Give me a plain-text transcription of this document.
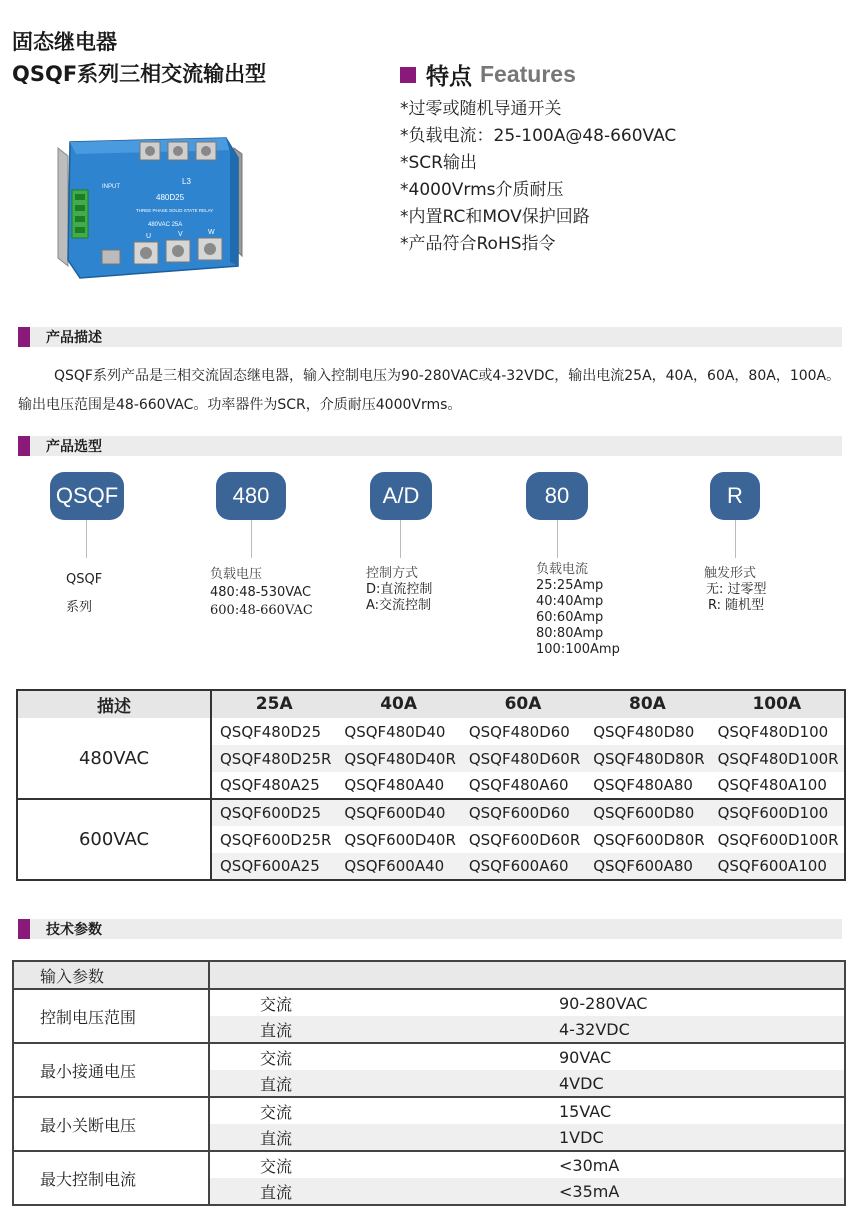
固态继电器
QSQF系列三相交流输出型
INPUT
L3
480D25
THREE PHASE SOLID STATE RELAY
480VAC 25A
U	V	W
特点 Features
*过零或随机导通开关
*负载电流：25-100A@48-660VAC
*SCR输出
*4000Vrms介质耐压
*内置RC和MOV保护回路
*产品符合RoHS指令
产品描述

QSQF系列产品是三相交流固态继电器，输入控制电压为90-280VAC或4-32VDC，输出电流25A，40A，60A，80A，100A。输出电压范围是48-660VAC。功率器件为SCR，介质耐压4000Vrms。

产品选型
QSQF	480	A/D	80	R
QSQF
系列
负载电压
480:48-530VAC
600:48-660VAC
控制方式
D:直流控制
A:交流控制
负载电流
25:25Amp
40:40Amp
60:60Amp
80:80Amp
100:100Amp
触发形式
无: 过零型
R: 随机型
描述	25A	40A	60A	80A	100A
480VAC	QSQF480D25	QSQF480D40	QSQF480D60	QSQF480D80	QSQF480D100
	QSQF480D25R	QSQF480D40R	QSQF480D60R	QSQF480D80R	QSQF480D100R
	QSQF480A25	QSQF480A40	QSQF480A60	QSQF480A80	QSQF480A100
600VAC	QSQF600D25	QSQF600D40	QSQF600D60	QSQF600D80	QSQF600D100
	QSQF600D25R	QSQF600D40R	QSQF600D60R	QSQF600D80R	QSQF600D100R
	QSQF600A25	QSQF600A40	QSQF600A60	QSQF600A80	QSQF600A100
技术参数
输入参数		
控制电压范围	交流	90-280VAC
	直流	4-32VDC
最小接通电压	交流	90VAC
	直流	4VDC
最小关断电压	交流	15VAC
	直流	1VDC
最大控制电流	交流	<30mA
	直流	<35mA
